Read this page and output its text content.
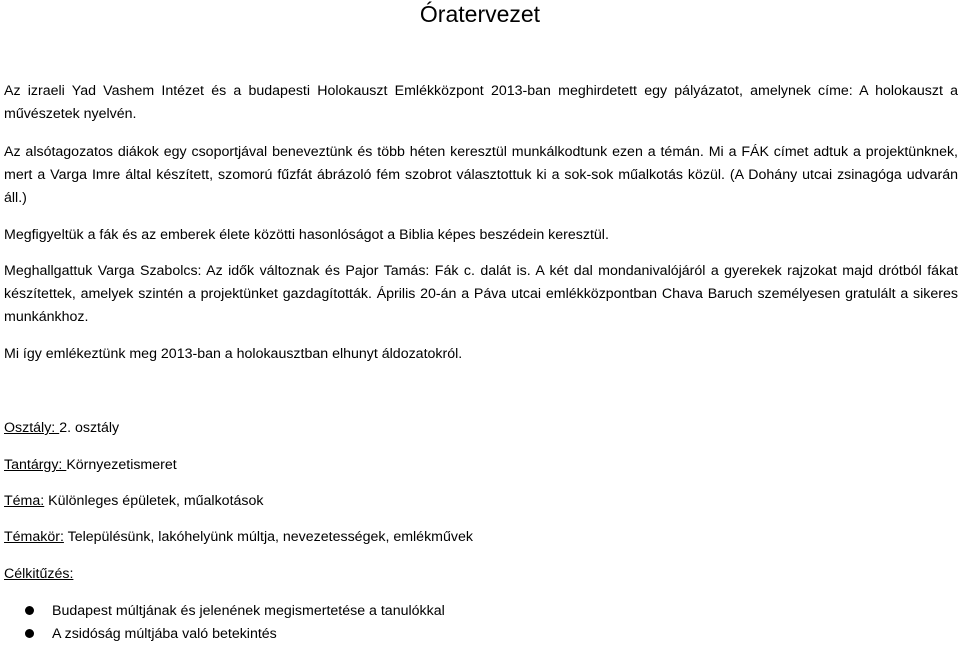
Óratervezet

Az izraeli Yad Vashem Intézet és a budapesti Holokauszt Emlékközpont 2013-ban meghirdetett egy pályázatot, amelynek címe: A holokauszt a művészetek nyelvén.

Az alsótagozatos diákok egy csoportjával beneveztünk és több héten keresztül munkálkodtunk ezen a témán. Mi a FÁK címet adtuk a projektünknek, mert a Varga Imre által készített, szomorú fűzfát ábrázoló fém szobrot választottuk ki a sok-sok műalkotás közül. (A Dohány utcai zsinagóga udvarán áll.)

Megfigyeltük a fák és az emberek élete közötti hasonlóságot a Biblia képes beszédein keresztül.

Meghallgattuk Varga Szabolcs: Az idők változnak és Pajor Tamás: Fák c. dalát is. A két dal mondanivalójáról a gyerekek rajzokat majd drótból fákat készítettek, amelyek szintén a projektünket gazdagították. Április 20-án a Páva utcai emlékközpontban Chava Baruch személyesen gratulált a sikeres munkánkhoz.

Mi így emlékeztünk meg 2013-ban a holokausztban elhunyt áldozatokról.

Osztály: 2. osztály
Tantárgy: Környezetismeret
Téma: Különleges épületek, műalkotások
Témakör: Településünk, lakóhelyünk múltja, nevezetességek, emlékművek
Célkitűzés:
Budapest múltjának és jelenének megismertetése a tanulókkal
A zsidóság múltjába való betekintés
